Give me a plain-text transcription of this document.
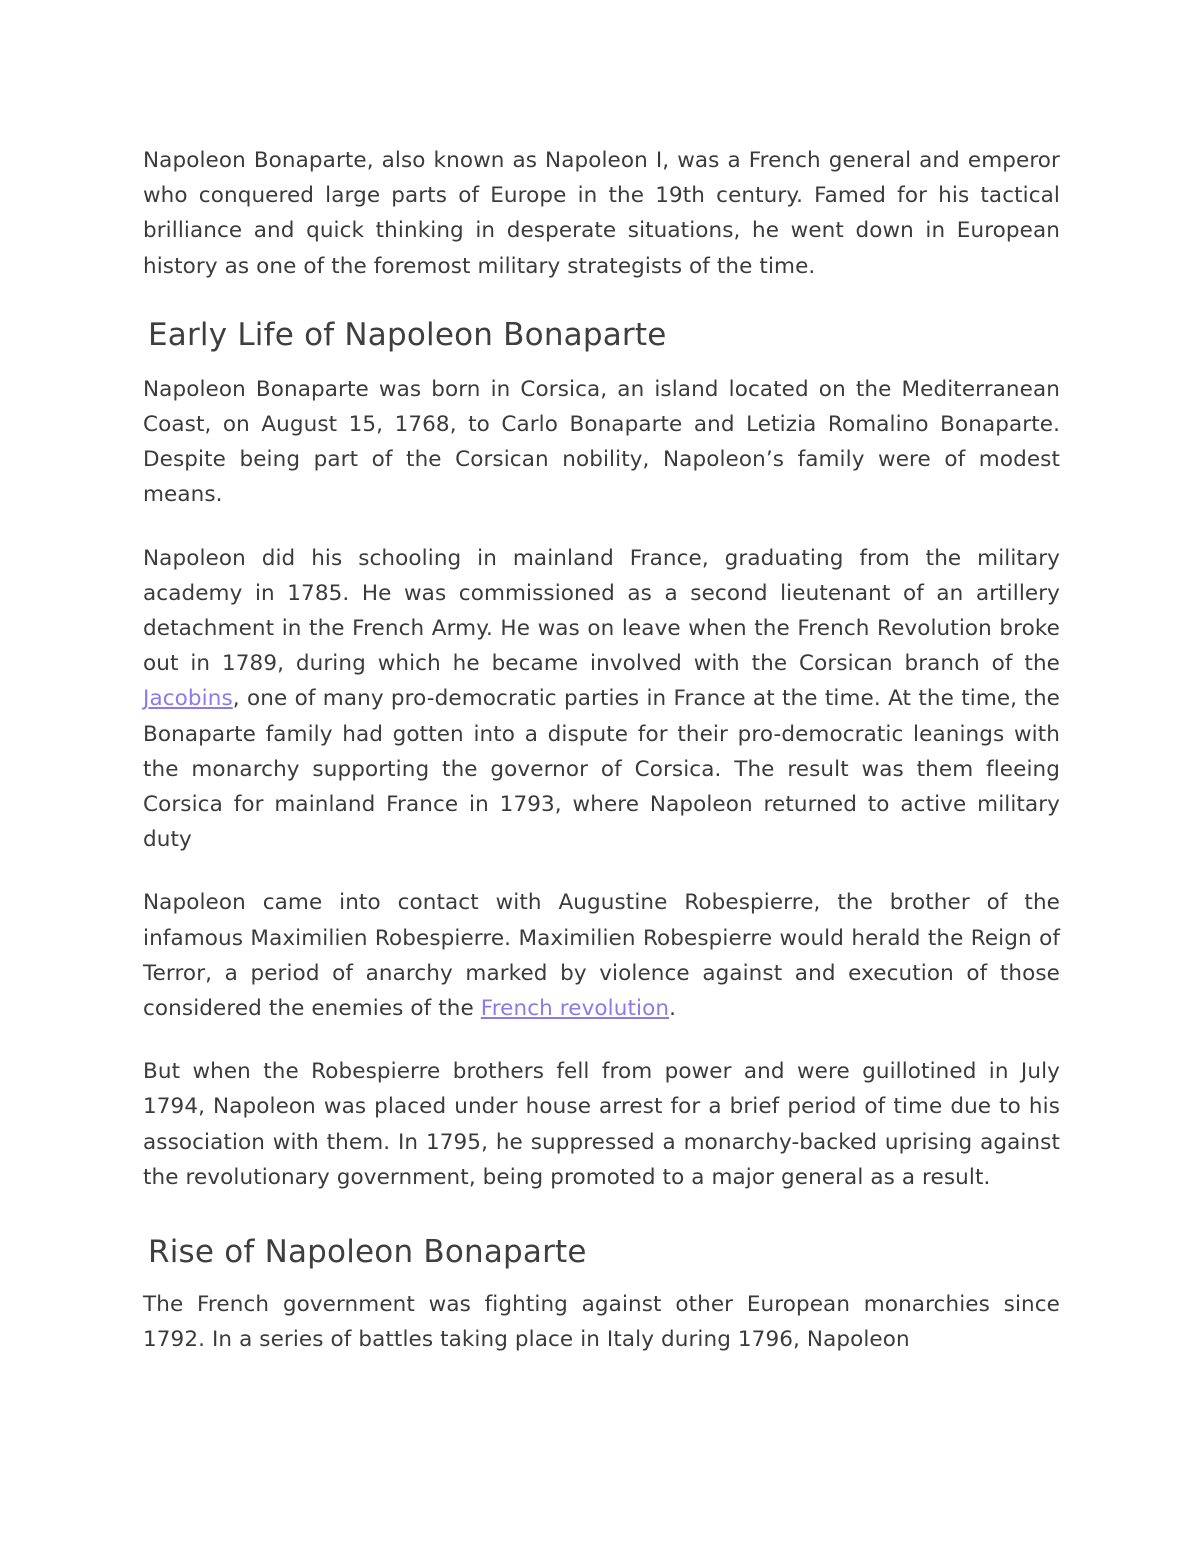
Napoleon Bonaparte, also known as Napoleon I, was a French general and emperor who conquered large parts of Europe in the 19th century. Famed for his tactical brilliance and quick thinking in desperate situations, he went down in European history as one of the foremost military strategists of the time.

Early Life of Napoleon Bonaparte

Napoleon Bonaparte was born in Corsica, an island located on the Mediterranean Coast, on August 15, 1768, to Carlo Bonaparte and Letizia Romalino Bonaparte. Despite being part of the Corsican nobility, Napoleon’s family were of modest means.

Napoleon did his schooling in mainland France, graduating from the military academy in 1785. He was commissioned as a second lieutenant of an artillery detachment in the French Army. He was on leave when the French Revolution broke out in 1789, during which he became involved with the Corsican branch of the Jacobins, one of many pro-democratic parties in France at the time. At the time, the Bonaparte family had gotten into a dispute for their pro-democratic leanings with the monarchy supporting the governor of Corsica. The result was them fleeing Corsica for mainland France in 1793, where Napoleon returned to active military duty

Napoleon came into contact with Augustine Robespierre, the brother of the infamous Maximilien Robespierre. Maximilien Robespierre would herald the Reign of Terror, a period of anarchy marked by violence against and execution of those considered the enemies of the French revolution.

But when the Robespierre brothers fell from power and were guillotined in July 1794, Napoleon was placed under house arrest for a brief period of time due to his association with them. In 1795, he suppressed a monarchy-backed uprising against the revolutionary government, being promoted to a major general as a result.

Rise of Napoleon Bonaparte

The French government was fighting against other European monarchies since 1792. In a series of battles taking place in Italy during 1796, Napoleon
